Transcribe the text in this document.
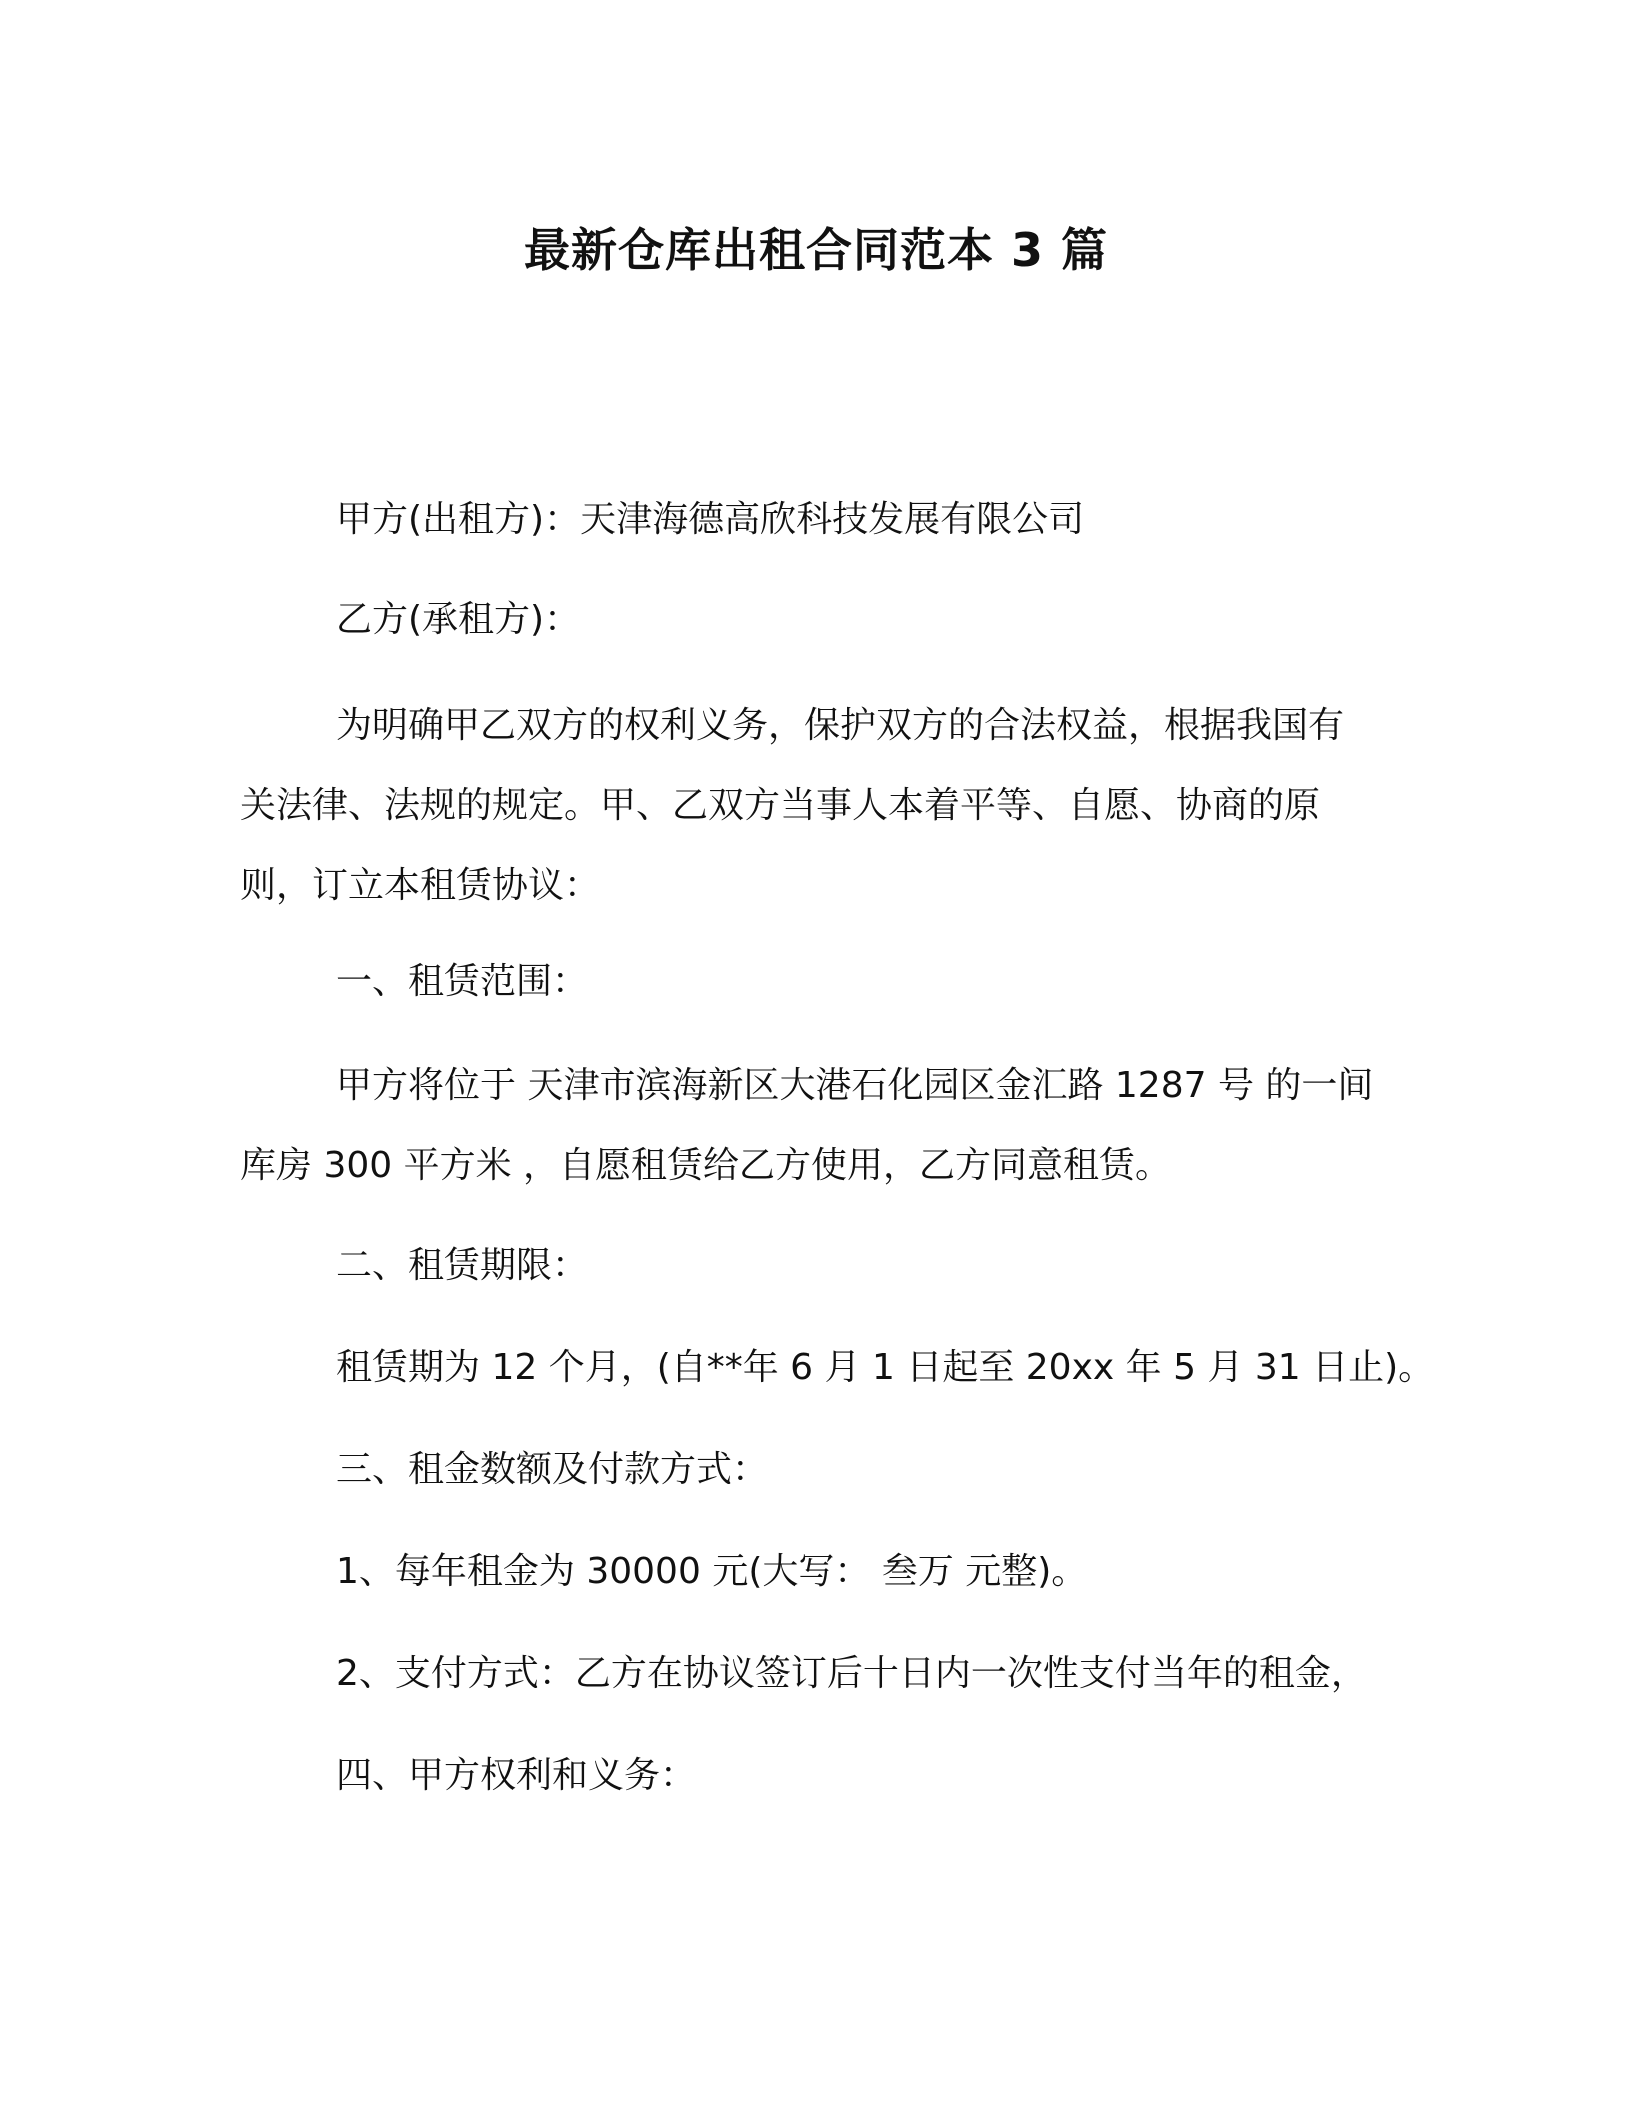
最新仓库出租合同范本 3 篇

甲方(出租方)：天津海德高欣科技发展有限公司

乙方(承租方)：

为明确甲乙双方的权利义务，保护双方的合法权益，根据我国有
关法律、法规的规定。甲、乙双方当事人本着平等、自愿、协商的原
则，订立本租赁协议：

一、租赁范围：

甲方将位于 天津市滨海新区大港石化园区金汇路 1287 号 的一间
库房 300 平方米 ，自愿租赁给乙方使用，乙方同意租赁。

二、租赁期限：

租赁期为 12 个月，(自**年 6 月 1 日起至 20xx 年 5 月 31 日止)。

三、租金数额及付款方式：

1、每年租金为 30000 元(大写： 叁万 元整)。

2、支付方式：乙方在协议签订后十日内一次性支付当年的租金，

四、甲方权利和义务：
